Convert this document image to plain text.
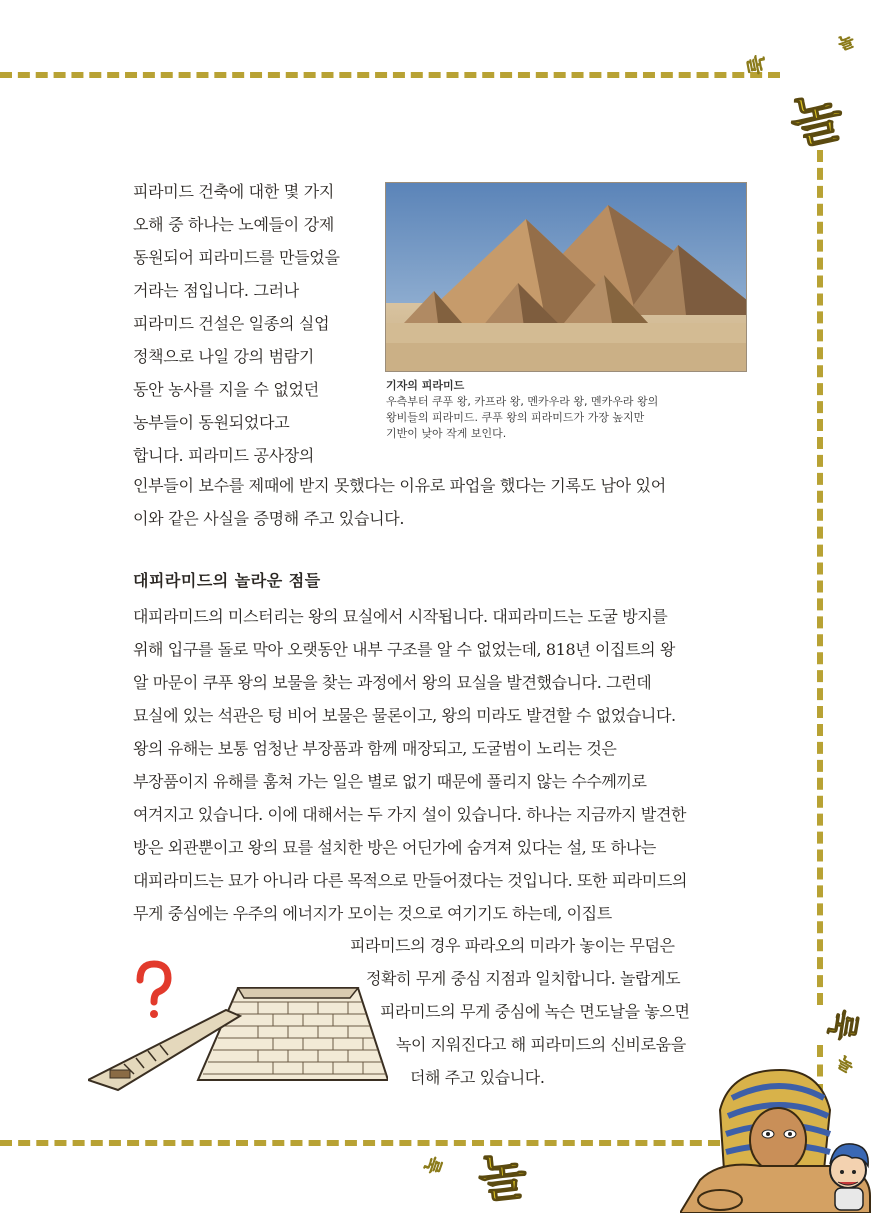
놀
놀
놀
놀
놀
놀
놀
피라미드 건축에 대한 몇 가지
오해 중 하나는 노예들이 강제
동원되어 피라미드를 만들었을
거라는 점입니다. 그러나
피라미드 건설은 일종의 실업
정책으로 나일 강의 범람기
동안 농사를 지을 수 없었던
농부들이 동원되었다고
합니다. 피라미드 공사장의
인부들이 보수를 제때에 받지 못했다는 이유로 파업을 했다는 기록도 남아 있어
이와 같은 사실을 증명해 주고 있습니다.
기자의 피라미드
우측부터 쿠푸 왕, 카프라 왕, 멘카우라 왕, 멘카우라 왕의
왕비들의 피라미드. 쿠푸 왕의 피라미드가 가장 높지만
기반이 낮아 작게 보인다.
대피라미드의 놀라운 점들
대피라미드의 미스터리는 왕의 묘실에서 시작됩니다. 대피라미드는 도굴 방지를
위해 입구를 돌로 막아 오랫동안 내부 구조를 알 수 없었는데, 818년 이집트의 왕
알 마문이 쿠푸 왕의 보물을 찾는 과정에서 왕의 묘실을 발견했습니다. 그런데
묘실에 있는 석관은 텅 비어 보물은 물론이고, 왕의 미라도 발견할 수 없었습니다.
왕의 유해는 보통 엄청난 부장품과 함께 매장되고, 도굴범이 노리는 것은
부장품이지 유해를 훔쳐 가는 일은 별로 없기 때문에 풀리지 않는 수수께끼로
여겨지고 있습니다. 이에 대해서는 두 가지 설이 있습니다. 하나는 지금까지 발견한
방은 외관뿐이고 왕의 묘를 설치한 방은 어딘가에 숨겨져 있다는 설, 또 하나는
대피라미드는 묘가 아니라 다른 목적으로 만들어졌다는 것입니다. 또한 피라미드의
무게 중심에는 우주의 에너지가 모이는 것으로 여기기도 하는데, 이집트
피라미드의 경우 파라오의 미라가 놓이는 무덤은
정확히 무게 중심 지점과 일치합니다. 놀랍게도
피라미드의 무게 중심에 녹슨 면도날을 놓으면
녹이 지워진다고 해 피라미드의 신비로움을
더해 주고 있습니다.
